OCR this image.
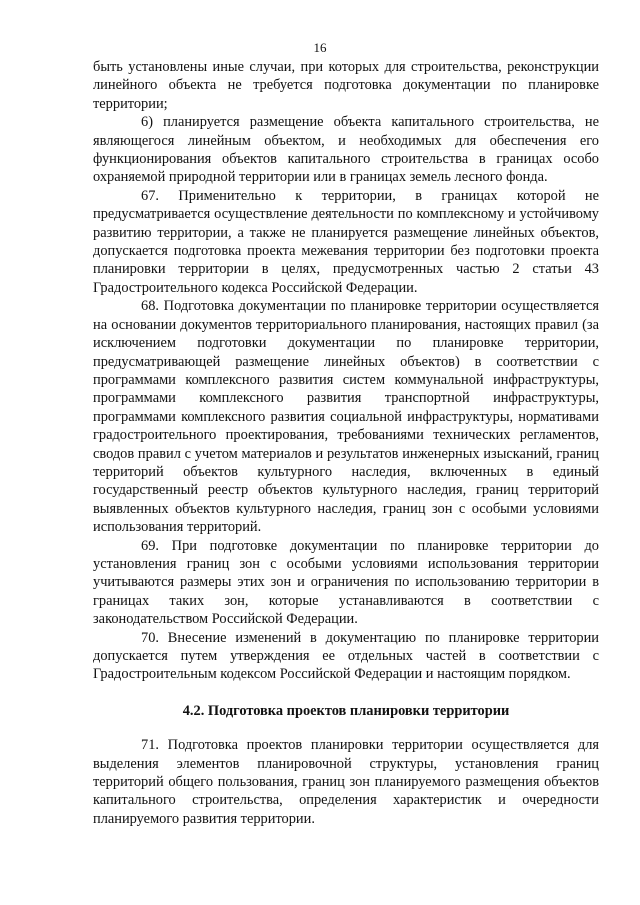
16

быть установлены иные случаи, при которых для строительства, реконструкции линейного объекта не требуется подготовка документации по планировке территории;

6) планируется размещение объекта капитального строительства, не являющегося линейным объектом, и необходимых для обеспечения его функционирования объектов капитального строительства в границах особо охраняемой природной территории или в границах земель лесного фонда.

67. Применительно к территории, в границах которой не предусматривается осуществление деятельности по комплексному и устойчивому развитию территории, а также не планируется размещение линейных объектов, допускается подготовка проекта межевания территории без подготовки проекта планировки территории в целях, предусмотренных частью 2 статьи 43 Градостроительного кодекса Российской Федерации.

68. Подготовка документации по планировке территории осуществляется на основании документов территориального планирования, настоящих правил (за исключением подготовки документации по планировке территории, предусматривающей размещение линейных объектов) в соответствии с программами комплексного развития систем коммунальной инфраструктуры, программами комплексного развития транспортной инфраструктуры, программами комплексного развития социальной инфраструктуры, нормативами градостроительного проектирования, требованиями технических регламентов, сводов правил с учетом материалов и результатов инженерных изысканий, границ территорий объектов культурного наследия, включенных в единый государственный реестр объектов культурного наследия, границ территорий выявленных объектов культурного наследия, границ зон с особыми условиями использования территорий.

69. При подготовке документации по планировке территории до установления границ зон с особыми условиями использования территории учитываются размеры этих зон и ограничения по использованию территории в границах таких зон, которые устанавливаются в соответствии с законодательством Российской Федерации.

70. Внесение изменений в документацию по планировке территории допускается путем утверждения ее отдельных частей в соответствии с Градостроительным кодексом Российской Федерации и настоящим порядком.

4.2. Подготовка проектов планировки территории

71. Подготовка проектов планировки территории осуществляется для выделения элементов планировочной структуры, установления границ территорий общего пользования, границ зон планируемого размещения объектов капитального строительства, определения характеристик и очередности планируемого развития территории.
